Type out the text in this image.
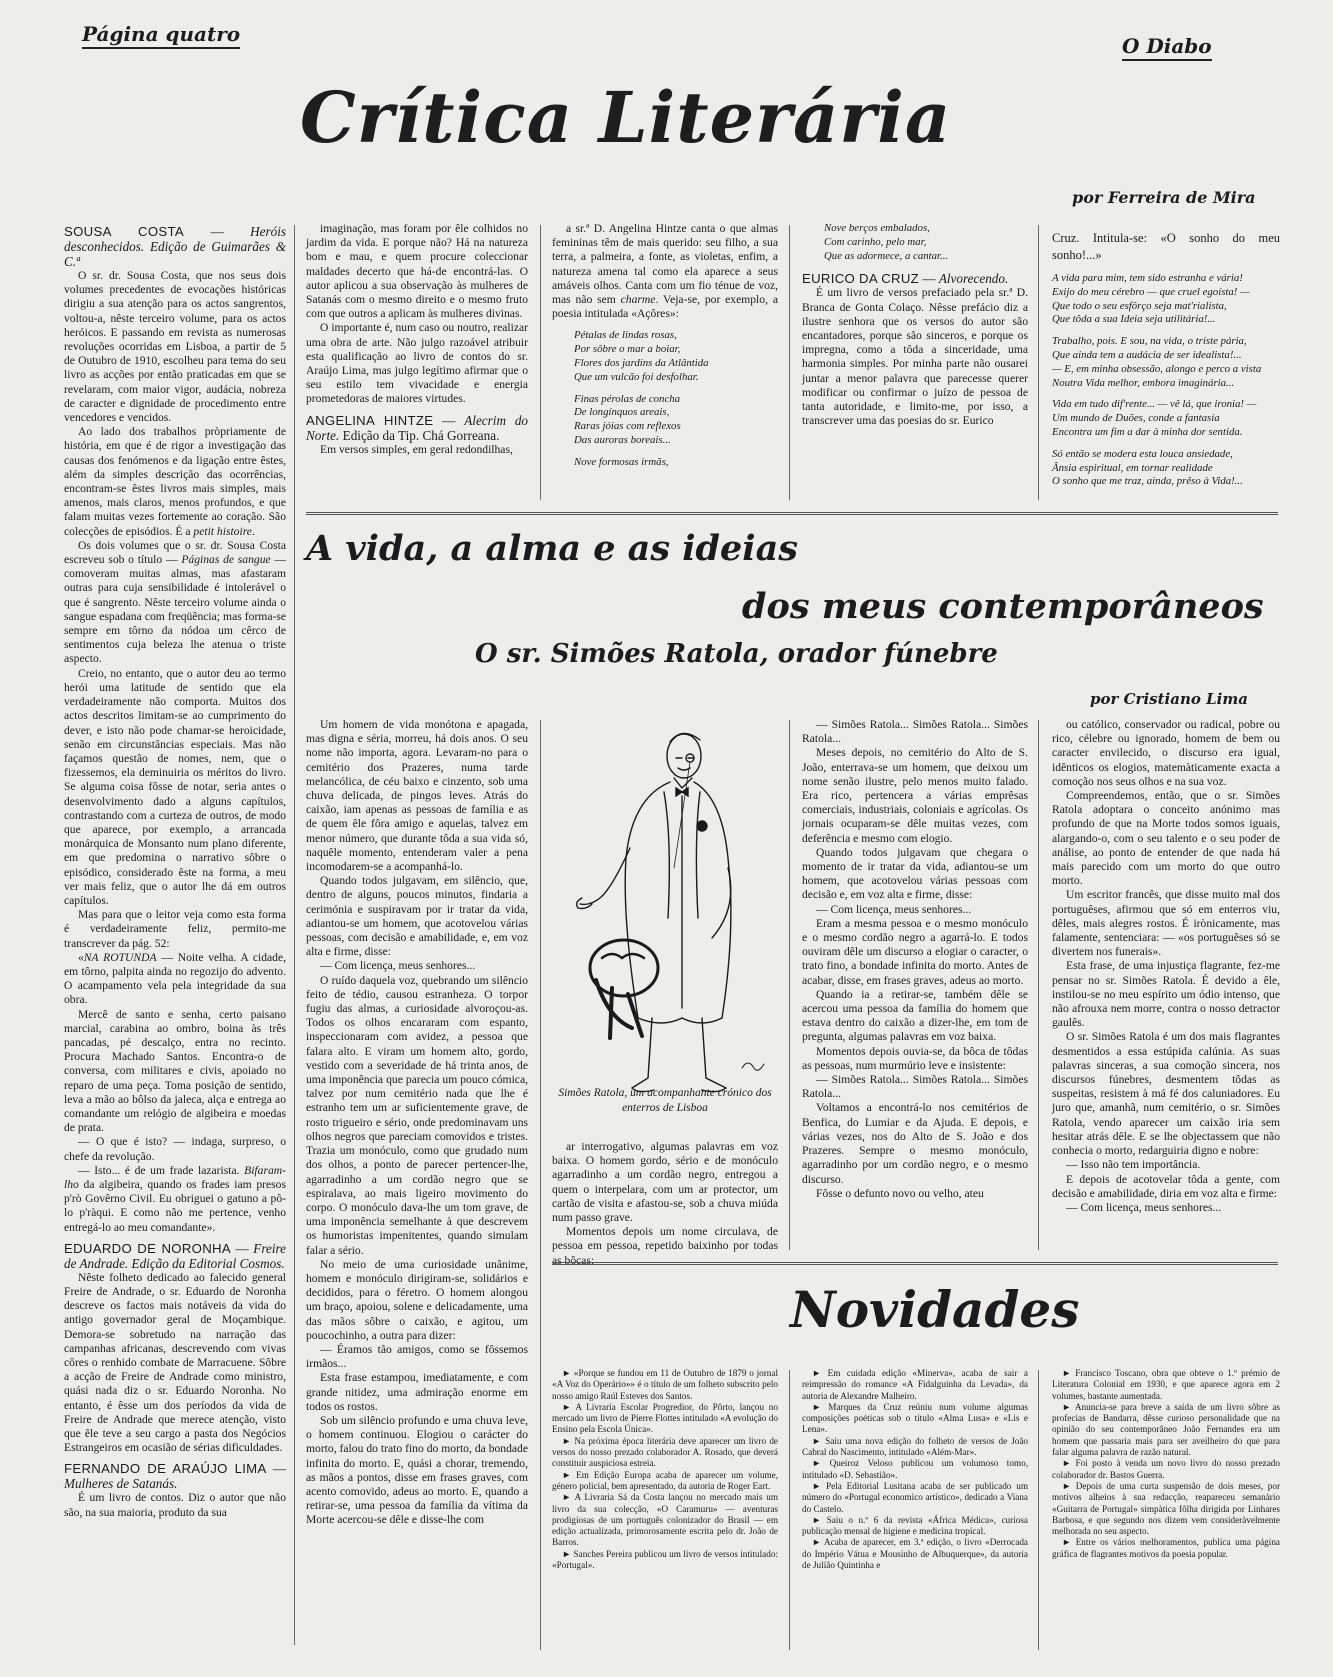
Página quatro	O Diabo
Crítica Literária
por Ferreira de Mira

SOUSA COSTA — Heróis desconhecidos. Edição de Guimarães & C.ª

O sr. dr. Sousa Costa, que nos seus dois volumes precedentes de evocações históricas dirigiu a sua atenção para os actos sangrentos, voltou-a, nêste terceiro volume, para os actos heróicos. E passando em revista as numerosas revoluções ocorridas em Lisboa, a partir de 5 de Outubro de 1910, escolheu para tema do seu livro as acções por então praticadas em que se revelaram, com maior vigor, audácia, nobreza de caracter e dignidade de procedimento entre vencedores e vencidos.

Ao lado dos trabalhos pròpriamente de história, em que é de rigor a investigação das causas dos fenómenos e da ligação entre êstes, além da simples descrição das ocorrências, encontram-se êstes livros mais simples, mais amenos, mais claros, menos profundos, e que falam muitas vezes fortemente ao coração. São colecções de episódios. É a petit histoire.

Os dois volumes que o sr. dr. Sousa Costa escreveu sob o título — Páginas de sangue — comoveram muitas almas, mas afastaram outras para cuja sensibilidade é intolerável o que é sangrento. Nêste terceiro volume ainda o sangue espadana com freqüência; mas forma-se sempre em tôrno da nódoa um cêrco de sentimentos cuja beleza lhe atenua o triste aspecto.

Creio, no entanto, que o autor deu ao termo herói uma latitude de sentido que ela verdadeiramente não comporta. Muitos dos actos descritos limitam-se ao cumprimento do dever, e isto não pode chamar-se heroicidade, senão em circunstâncias especiais. Mas não façamos questão de nomes, nem, que o fizessemos, ela deminuiria os méritos do livro. Se alguma coisa fôsse de notar, seria antes o desenvolvimento dado a alguns capítulos, contrastando com a curteza de outros, de modo que aparece, por exemplo, a arrancada monárquica de Monsanto num plano diferente, em que predomina o narrativo sôbre o episódico, considerado êste na forma, a meu ver mais feliz, que o autor lhe dá em outros capítulos.

Mas para que o leitor veja como esta forma é verdadeiramente feliz, permito-me transcrever da pág. 52:

«NA ROTUNDA — Noite velha. A cidade, em tôrno, palpita ainda no regozijo do advento. O acampamento vela pela integridade da sua obra.

Mercê de santo e senha, certo paisano marcial, carabina ao ombro, boina às três pancadas, pé descalço, entra no recinto. Procura Machado Santos. Encontra-o de conversa, com militares e civis, apoiado no reparo de uma peça. Toma posição de sentido, leva a mão ao bôlso da jaleca, alça e entrega ao comandante um relógio de algibeira e moedas de prata.

— O que é isto? — indaga, surpreso, o chefe da revolução.

— Isto... é de um frade lazarista. Bifaram-lho da algibeira, quando os frades iam presos p'rò Govêrno Civil. Eu obriguei o gatuno a pô-lo p'ràqui. E como não me pertence, venho entregá-lo ao meu comandante».

EDUARDO DE NORONHA — Freire de Andrade. Edição da Editorial Cosmos.

Nêste folheto dedicado ao falecido general Freire de Andrade, o sr. Eduardo de Noronha descreve os factos mais notáveis da vida do antigo governador geral de Moçambique. Demora-se sobretudo na narração das campanhas africanas, descrevendo com vivas côres o renhido combate de Marracuene. Sôbre a acção de Freire de Andrade como ministro, quási nada diz o sr. Eduardo Noronha. No entanto, é êsse um dos períodos da vida de Freire de Andrade que merece atenção, visto que êle teve a seu cargo a pasta dos Negócios Estrangeiros em ocasião de sérias dificuldades.

FERNANDO DE ARAÚJO LIMA — Mulheres de Satanás.

É um livro de contos. Diz o autor que não são, na sua maioria, produto da sua

imaginação, mas foram por êle colhidos no jardim da vida. E porque não? Há na natureza bom e mau, e quem procure coleccionar maldades decerto que há-de encontrá-las. O autor aplicou a sua observação às mulheres de Satanás com o mesmo direito e o mesmo fruto com que outros a aplicam às mulheres divinas.

O importante é, num caso ou noutro, realizar uma obra de arte. Não julgo razoável atribuir esta qualificação ao livro de contos do sr. Araújo Lima, mas julgo legítimo afirmar que o seu estilo tem vivacidade e energia prometedoras de maiores virtudes.

ANGELINA HINTZE — Alecrim do Norte. Edição da Tip. Chá Gorreana.

Em versos simples, em geral redondilhas,

a sr.ª D. Angelina Hintze canta o que almas femininas têm de mais querido: seu filho, a sua terra, a palmeira, a fonte, as violetas, enfim, a natureza amena tal como ela aparece a seus amáveis olhos. Canta com um fio ténue de voz, mas não sem charme. Veja-se, por exemplo, a poesia intitulada «Açôres»:

Pétalas de lindas rosas,
Por sôbre o mar a boiar,
Flores dos jardins da Atlântida
Que um vulcão foi desfolhar.
Finas pérolas de concha
De longínquos areais,
Raras jóias com reflexos
Das auroras boreais...
Nove formosas irmãs,
Nove berços embalados,
Com carinho, pelo mar,
Que as adormece, a cantar...

EURICO DA CRUZ — Alvorecendo.

É um livro de versos prefaciado pela sr.ª D. Branca de Gonta Colaço. Nêsse prefácio diz a ilustre senhora que os versos do autor são encantadores, porque são sinceros, e porque os impregna, como a tôda a sinceridade, uma harmonia simples. Por minha parte não ousarei juntar a menor palavra que parecesse querer modificar ou confirmar o juízo de pessoa de tanta autoridade, e limito-me, por isso, a transcrever uma das poesias do sr. Eurico

Cruz. Intitula-se: «O sonho do meu sonho!...»

A vida para mim, tem sido estranha e vária!
Exijo do meu cérebro — que cruel egoísta! —
Que todo o seu esfôrço seja mat'rialista,
Que tôda a sua Ideia seja utilitária!...
Trabalho, pois. E sou, na vida, o triste pária,
Que ainda tem a audácia de ser idealista!...
— E, em minha obsessão, alongo e perco a vista
Noutra Vida melhor, embora imaginária...
Vida em tudo dif'rente... — vê lá, que ironia! —
Um mundo de Duões, conde a fantasia
Encontra um fim a dar à minha dor sentida.
Só então se modera esta louca ansiedade,
Ânsia espiritual, em tornar realidade
O sonho que me traz, ainda, prêso à Vida!...
A vida, a alma e as ideias
dos meus contemporâneos
O sr. Simões Ratola, orador fúnebre
por Cristiano Lima

Um homem de vida monótona e apagada, mas digna e séria, morreu, há dois anos. O seu nome não importa, agora. Levaram-no para o cemitério dos Prazeres, numa tarde melancólica, de céu baixo e cinzento, sob uma chuva delicada, de pingos leves. Atrás do caixão, iam apenas as pessoas de família e as de quem êle fôra amigo e aquelas, talvez em menor número, que durante tôda a sua vida só, naquêle momento, entenderam valer a pena incomodarem-se a acompanhá-lo.

Quando todos julgavam, em silêncio, que, dentro de alguns, poucos minutos, findaria a cerimónia e suspiravam por ir tratar da vida, adiantou-se um homem, que acotovelou várias pessoas, com decisão e amabilidade, e, em voz alta e firme, disse:

— Com licença, meus senhores...

O ruído daquela voz, quebrando um silêncio feito de tédio, causou estranheza. O torpor fugiu das almas, a curiosidade alvoroçou-as. Todos os olhos encararam com espanto, inspeccionaram com avidez, a pessoa que falara alto. E viram um homem alto, gordo, vestido com a severidade de há trinta anos, de uma imponência que parecia um pouco cómica, talvez por num cemitério nada que lhe é estranho tem um ar suficientemente grave, de rosto trigueiro e sério, onde predominavam uns olhos negros que pareciam comovidos e tristes. Trazia um monóculo, como que grudado num dos olhos, a ponto de parecer pertencer-lhe, agarradinho a um cordão negro que se espiralava, ao mais ligeiro movimento do corpo. O monóculo dava-lhe um tom grave, de uma imponência semelhante à que descrevem os humoristas impenitentes, quando simulam falar a sério.

No meio de uma curiosidade unânime, homem e monóculo dirigiram-se, solidários e decididos, para o féretro. O homem alongou um braço, apoiou, solene e delicadamente, uma das mãos sôbre o caixão, e agitou, um poucochinho, a outra para dizer:

— Éramos tão amigos, como se fôssemos irmãos...

Esta frase estampou, imediatamente, e com grande nitidez, uma admiração enorme em todos os rostos.

Sob um silêncio profundo e uma chuva leve, o homem continuou. Elogiou o carácter do morto, falou do trato fino do morto, da bondade infinita do morto. E, quási a chorar, tremendo, as mãos a pontos, disse em frases graves, com acento comovido, adeus ao morto. E, quando a retirar-se, uma pessoa da família da vítima da Morte acercou-se dêle e disse-lhe com

Simões Ratola, um acompanhante crónico dos enterros de Lisboa

ar interrogativo, algumas palavras em voz baixa. O homem gordo, sério e de monóculo agarradinho a um cordão negro, entregou a quem o interpelara, com um ar protector, um cartão de visita e afastou-se, sob a chuva miúda num passo grave.

Momentos depois um nome circulava, de pessoa em pessoa, repetido baixinho por todas as bôcas:

— Simões Ratola... Simões Ratola... Simões Ratola...

Meses depois, no cemitério do Alto de S. João, enterrava-se um homem, que deixou um nome senão ilustre, pelo menos muito falado. Era rico, pertencera a várias emprêsas comerciais, industriais, coloniais e agrícolas. Os jornais ocuparam-se dêle muitas vezes, com deferência e mesmo com elogio.

Quando todos julgavam que chegara o momento de ir tratar da vida, adiantou-se um homem, que acotovelou várias pessoas com decisão e, em voz alta e firme, disse:

— Com licença, meus senhores...

Eram a mesma pessoa e o mesmo monóculo e o mesmo cordão negro a agarrá-lo. E todos ouviram dêle um discurso a elogiar o caracter, o trato fino, a bondade infinita do morto. Antes de acabar, disse, em frases graves, adeus ao morto.

Quando ia a retirar-se, também dêle se acercou uma pessoa da família do homem que estava dentro do caixão a dizer-lhe, em tom de pregunta, algumas palavras em voz baixa.

Momentos depois ouvia-se, da bôca de tôdas as pessoas, num murmúrio leve e insistente:

— Simões Ratola... Simões Ratola... Simões Ratola...

Voltamos a encontrá-lo nos cemitérios de Benfica, do Lumiar e da Ajuda. E depois, e várias vezes, nos do Alto de S. João e dos Prazeres. Sempre o mesmo monóculo, agarradinho por um cordão negro, e o mesmo discurso.

Fôsse o defunto novo ou velho, ateu

ou católico, conservador ou radical, pobre ou rico, célebre ou ignorado, homem de bem ou caracter envilecido, o discurso era igual, idênticos os elogios, matemàticamente exacta a comoção nos seus olhos e na sua voz.

Compreendemos, então, que o sr. Simões Ratola adoptara o conceito anónimo mas profundo de que na Morte todos somos iguais, alargando-o, com o seu talento e o seu poder de análise, ao ponto de entender de que nada há mais parecido com um morto do que outro morto.

Um escritor francês, que disse muito mal dos portuguêses, afirmou que só em enterros viu, dêles, mais alegres rostos. É irònicamente, mas falamente, sentenciara: — «os portuguêses só se divertem nos funerais».

Esta frase, de uma injustiça flagrante, fez-me pensar no sr. Simões Ratola. É devido a êle, instilou-se no meu espírito um ódio intenso, que não afrouxa nem morre, contra o nosso detractor gaulês.

O sr. Simões Ratola é um dos mais flagrantes desmentidos a essa estúpida calúnia. As suas palavras sinceras, a sua comoção sincera, nos discursos fúnebres, desmentem tôdas as suspeitas, resistem à má fé dos caluniadores. Eu juro que, amanhã, num cemitério, o sr. Simões Ratola, vendo aparecer um caixão iria sem hesitar atrás dêle. E se lhe objectassem que não conhecia o morto, redarguiria digno e nobre:

— Isso não tem importância.

E depois de acotovelar tôda a gente, com decisão e amabilidade, diria em voz alta e firme:

— Com licença, meus senhores...

Novidades

► «Porque se fundou em 11 de Outubro de 1879 o jornal «A Voz do Operário»» é o título de um folheto subscrito pelo nosso amigo Raúl Esteves dos Santos.

► A Livraria Escolar Progredior, do Pôrto, lançou no mercado um livro de Pierre Flottes intitulado «A evolução do Ensino pela Escola Única».

► Na próxima época literária deve aparecer um livro de versos do nosso prezado colaborador A. Rosado, que deverá constituir auspiciosa estreia.

► Em Edição Europa acaba de aparecer um volume, género policial, bem apresentado, da autoria de Roger Eart.

► A Livraria Sá da Costa lançou no mercado mais um livro da sua colecção, «O Caramuru» — aventuras prodigiosas de um português colonizador do Brasil — em edição actualizada, primorosamente escrita pelo dr. João de Barros.

► Sanches Pereira publicou um livro de versos intitulado: «Portugal».

► Em cuidada edição «Minerva», acaba de sair a reimpressão do romance «A Fidalguinha da Levada», da autoria de Alexandre Malheiro.

► Marques da Cruz reüniu num volume algumas composições poéticas sob o título «Alma Lusa» e «Lis e Lena».

► Saiu uma nova edição do folheto de versos de João Cabral do Nascimento, intitulado «Além-Mar».

► Queiroz Veloso publicou um volumoso tomo, intitulado «D. Sebastião».

► Pela Editorial Lusitana acaba de ser publicado um número do «Portugal economico artístico», dedicado a Viana do Castelo.

► Saiu o n.º 6 da revista «África Médica», curiosa publicação mensal de higiene e medicina tropical.

► Acaba de aparecer, em 3.ª edição, o livro «Derrocada do Império Vátua e Mousinho de Albuquerque», da autoria de Julião Quintinha e

► Francisco Toscano, obra que obteve o 1.º prémio de Literatura Colonial em 1930, e que aparece agora em 2 volumes, bastante aumentada.

► Anuncia-se para breve a saída de um livro sôbre as profecias de Bandarra, dêsse curioso personalidade que na opinião do seu contemporâneo João Fernandes era um homem que passaria mais para ser aveilheiro do que para falar alguma palavra de razão natural.

► Foi posto à venda um novo livro do nosso prezado colaborador dr. Bastos Guerra.

► Depois de uma curta suspensão de dois meses, por motivos alheios à sua redacção, reapareceu semanàrio «Guitarra de Portugal» simpàtica fôlha dirigida por Linhares Barbosa, e que segundo nos dizem vem consideràvelmente melhorada no seu aspecto.

► Entre os vários melhoramentos, publica uma página gráfica de flagrantes motivos da poesia popular.
